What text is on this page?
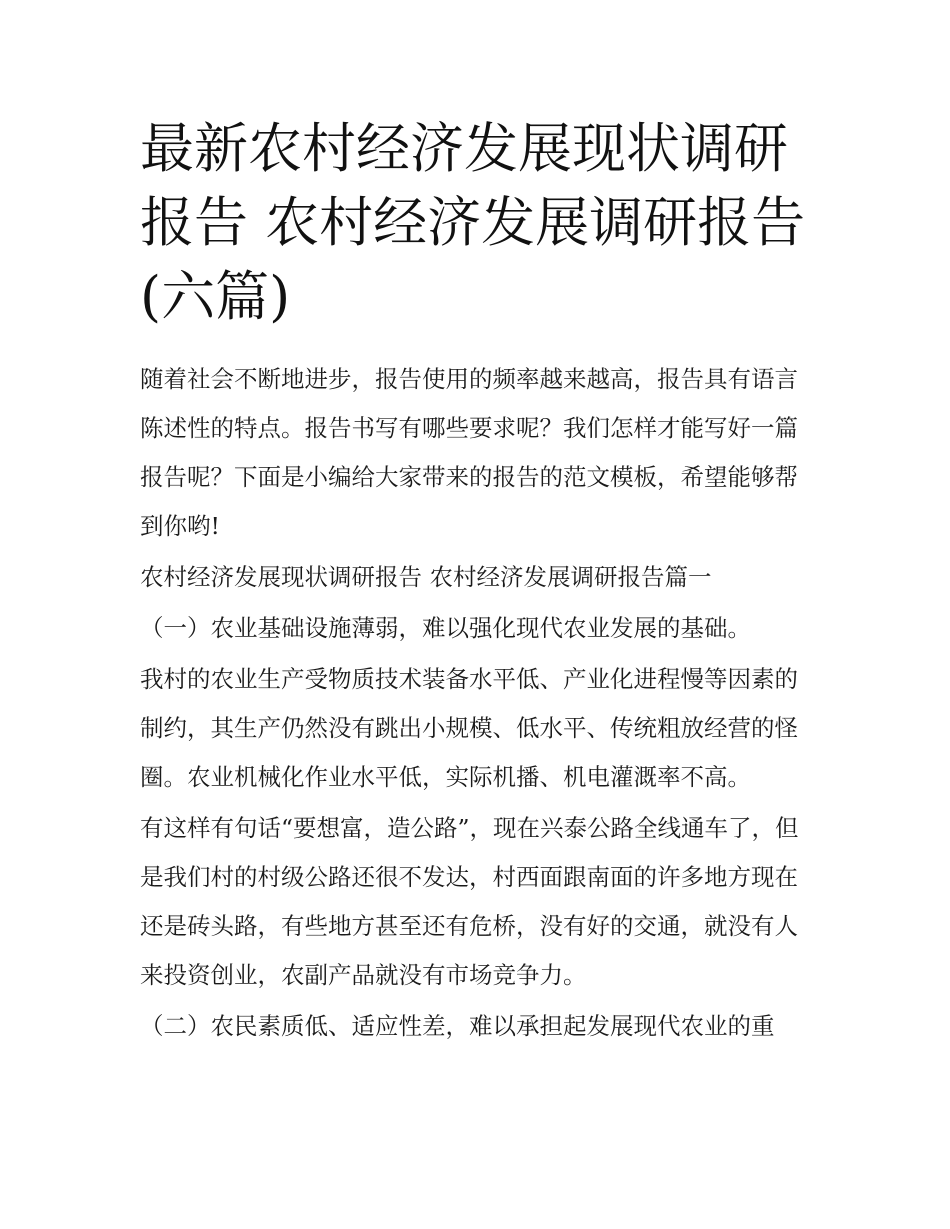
最新农村经济发展现状调研报告 农村经济发展调研报告(六篇)

随着社会不断地进步，报告使用的频率越来越高，报告具有语言陈述性的特点。报告书写有哪些要求呢？我们怎样才能写好一篇报告呢？下面是小编给大家带来的报告的范文模板，希望能够帮到你哟!

农村经济发展现状调研报告 农村经济发展调研报告篇一

（一）农业基础设施薄弱，难以强化现代农业发展的基础。

我村的农业生产受物质技术装备水平低、产业化进程慢等因素的制约，其生产仍然没有跳出小规模、低水平、传统粗放经营的怪圈。农业机械化作业水平低，实际机播、机电灌溉率不高。

有这样有句话“要想富，造公路”，现在兴泰公路全线通车了，但是我们村的村级公路还很不发达，村西面跟南面的许多地方现在还是砖头路，有些地方甚至还有危桥，没有好的交通，就没有人来投资创业，农副产品就没有市场竞争力。

（二）农民素质低、适应性差，难以承担起发展现代农业的重
